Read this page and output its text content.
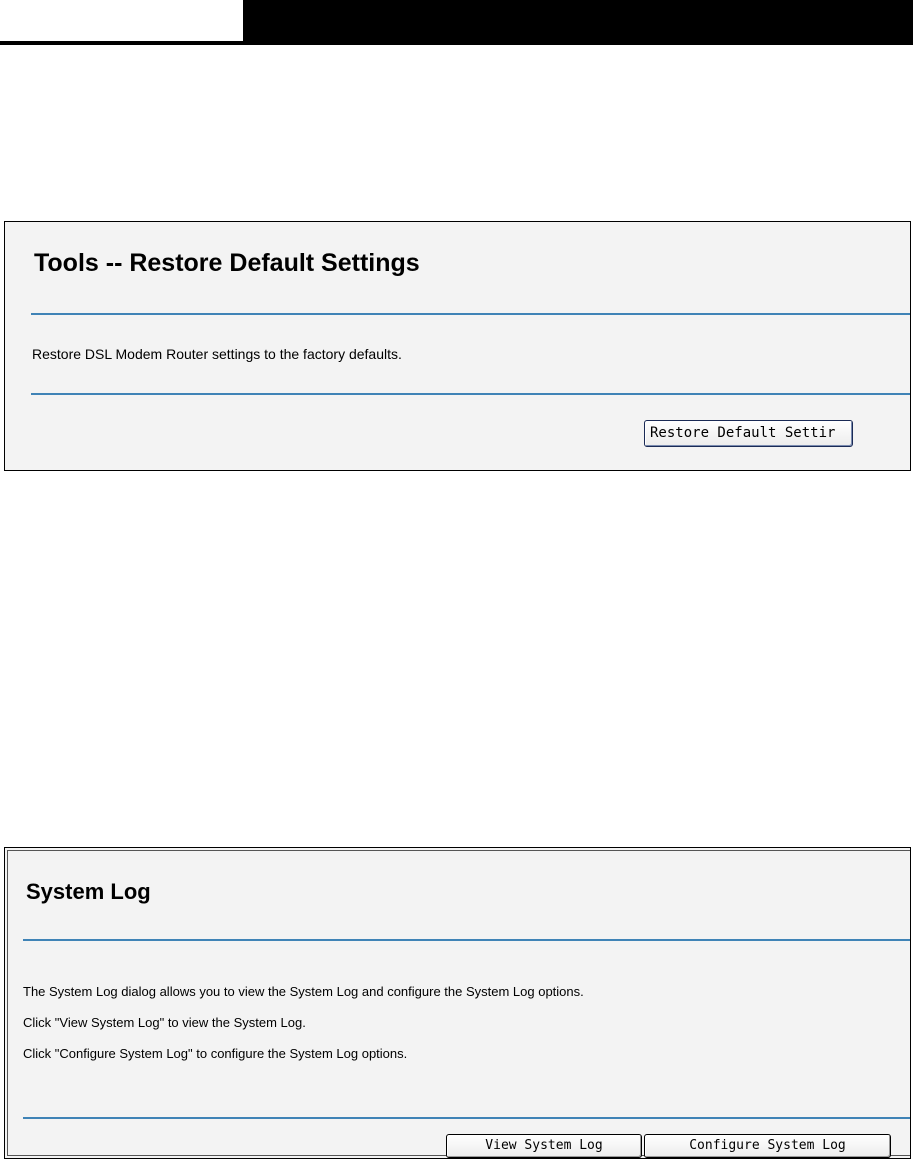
Tools -- Restore Default Settings
Restore DSL Modem Router settings to the factory defaults.
Restore Default Settir
System Log
The System Log dialog allows you to view the System Log and configure the System Log options.
Click "View System Log" to view the System Log.
Click "Configure System Log" to configure the System Log options.
View System Log	Configure System Log
